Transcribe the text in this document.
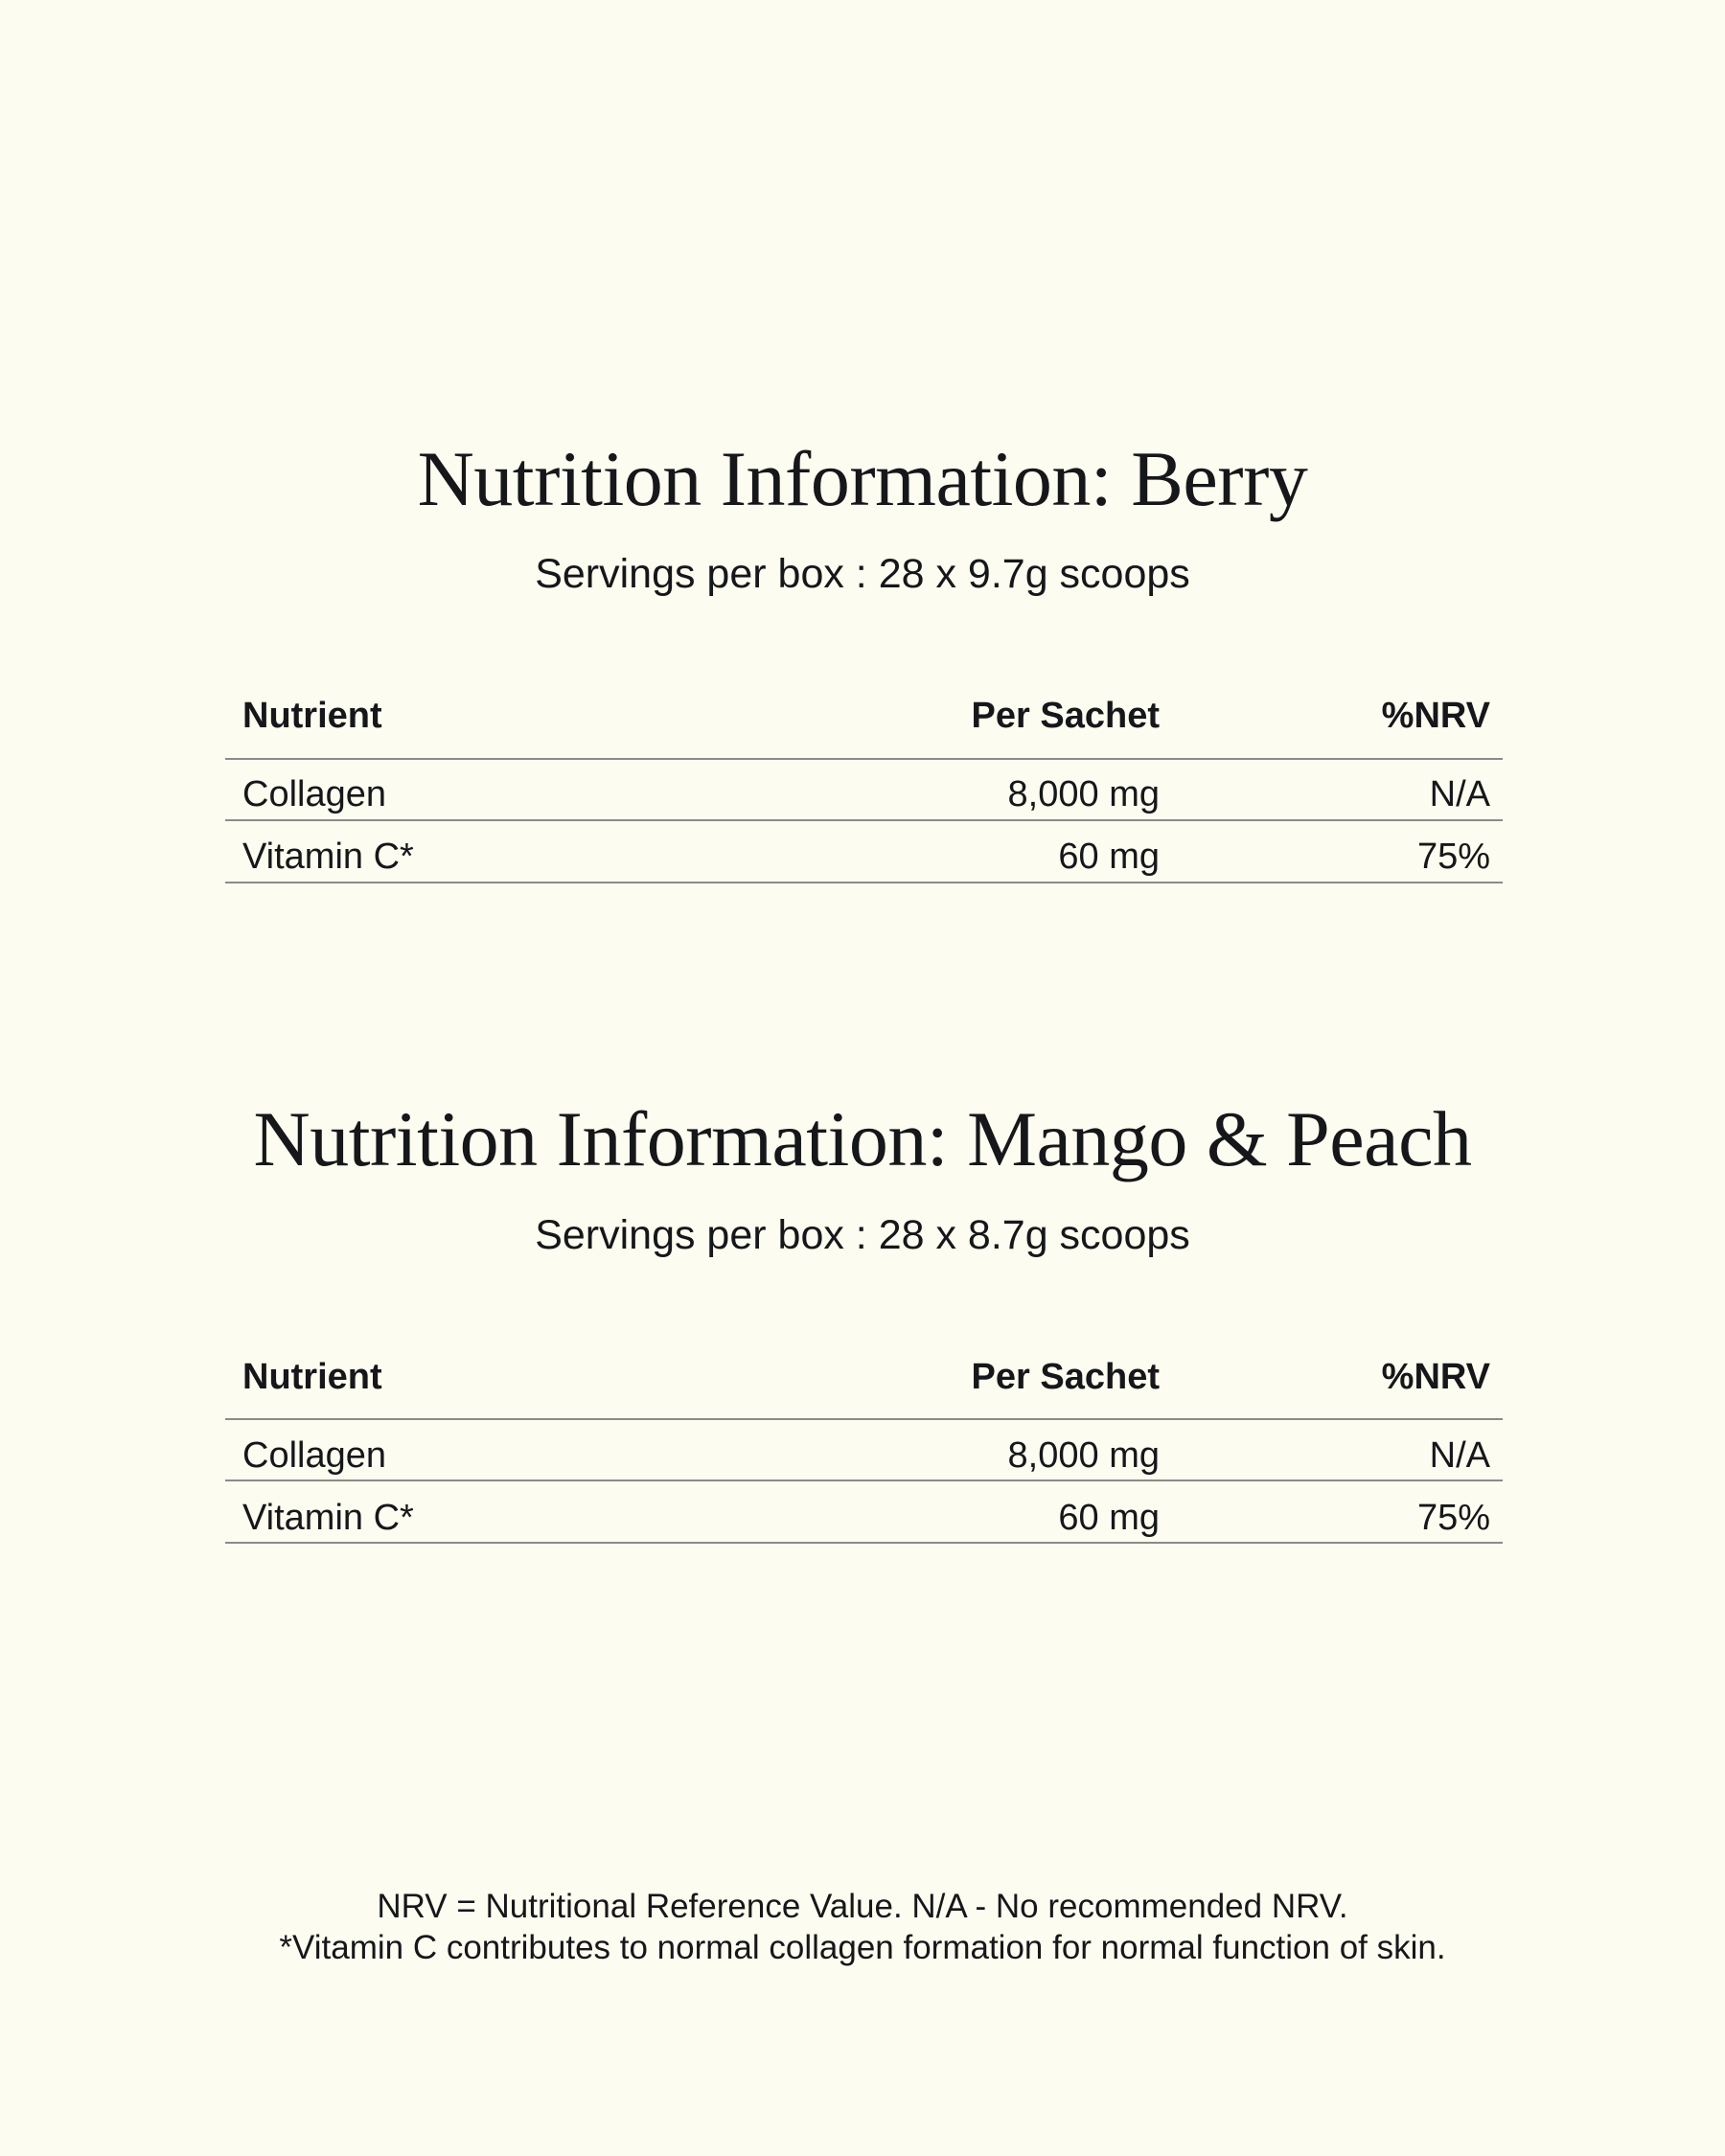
Nutrition Information: Berry
Servings per box : 28 x 9.7g scoops
Nutrient	Per Sachet	%NRV
Collagen	8,000 mg	N/A
Vitamin C*	60 mg	75%
Nutrition Information: Mango & Peach
Servings per box : 28 x 8.7g scoops
Nutrient	Per Sachet	%NRV
Collagen	8,000 mg	N/A
Vitamin C*	60 mg	75%
NRV = Nutritional Reference Value. N/A - No recommended NRV.
*Vitamin C contributes to normal collagen formation for normal function of skin.
